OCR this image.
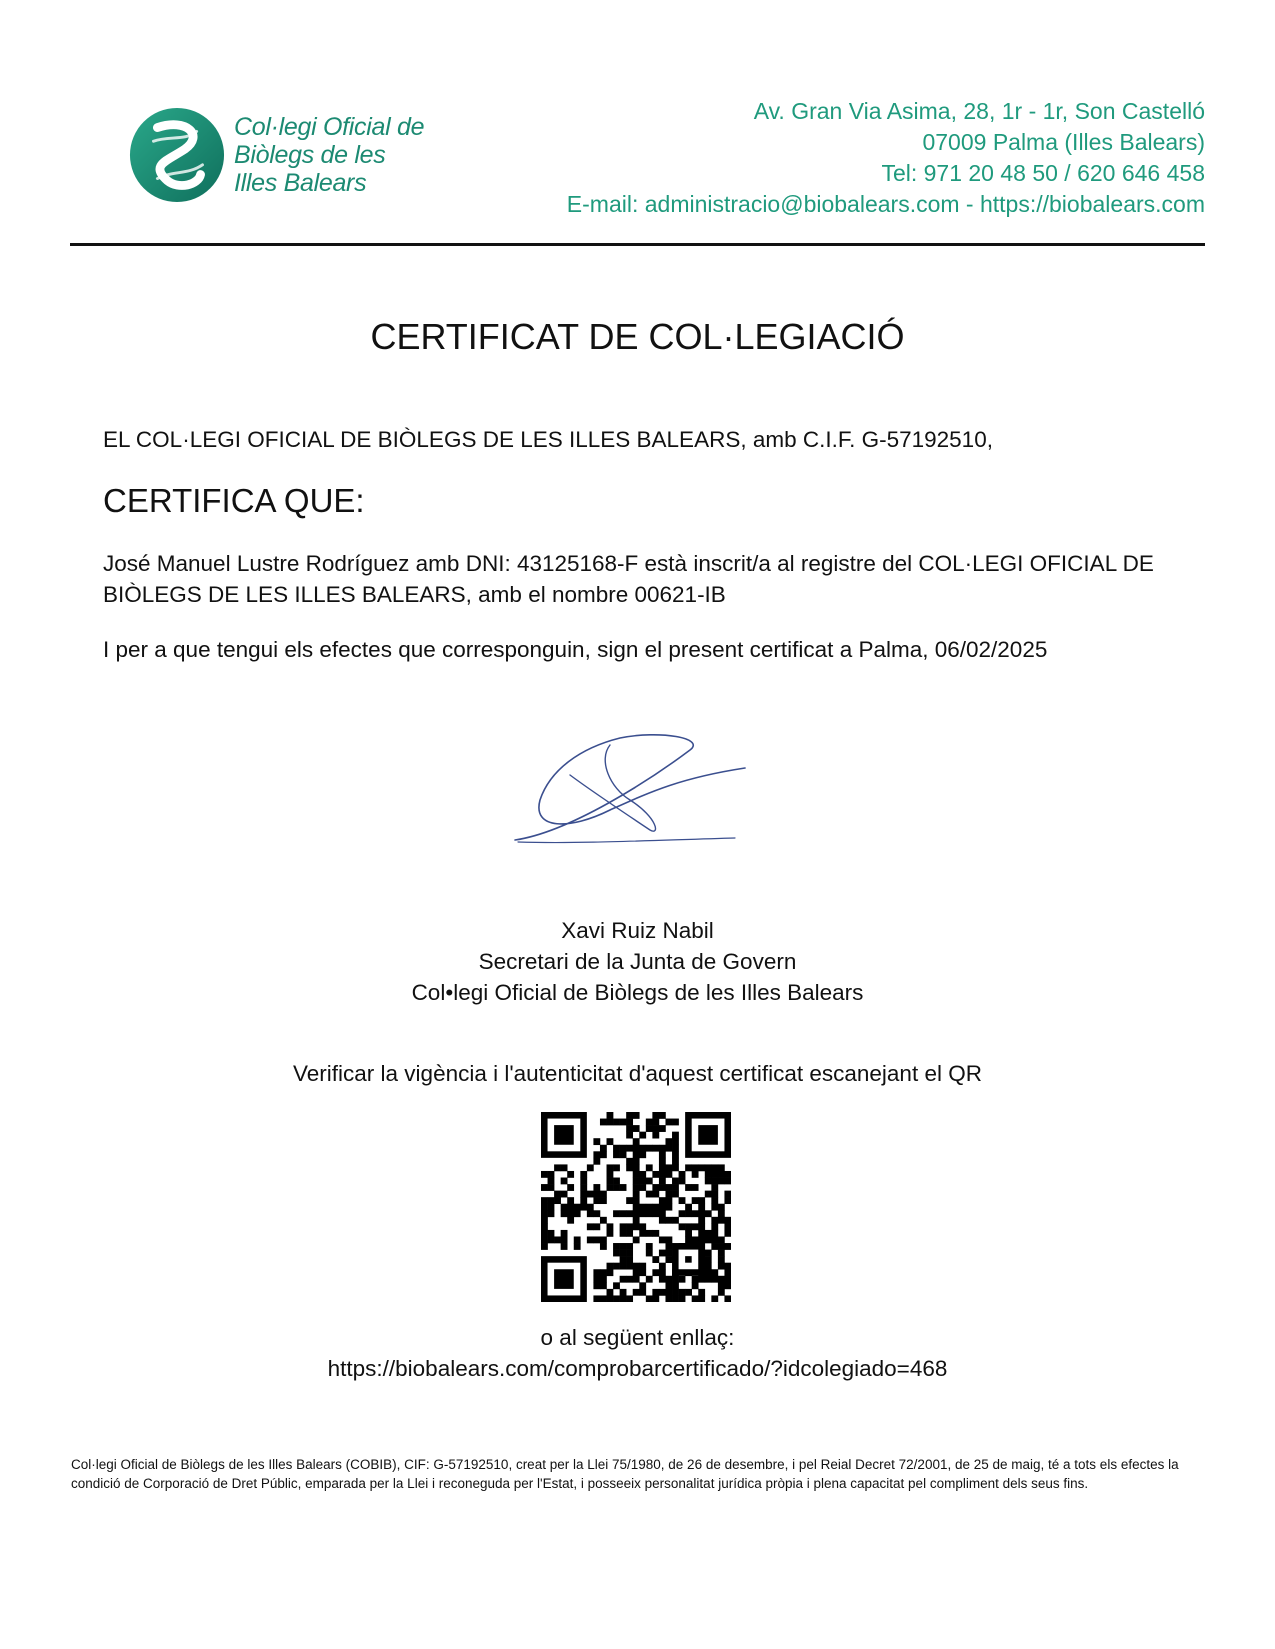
Col·legi Oficial de
Biòlegs de les
Illes Balears
Av. Gran Via Asima, 28, 1r - 1r, Son Castelló
07009 Palma (Illes Balears)
Tel: 971 20 48 50 / 620 646 458
E-mail: administracio@biobalears.com - https://biobalears.com
CERTIFICAT DE COL·LEGIACIÓ
EL COL·LEGI OFICIAL DE BIÒLEGS DE LES ILLES BALEARS, amb C.I.F. G-57192510,
CERTIFICA QUE:
José Manuel Lustre Rodríguez amb DNI: 43125168-F està inscrit/a al registre del COL·LEGI OFICIAL DE BIÒLEGS DE LES ILLES BALEARS, amb el nombre 00621-IB
I per a que tengui els efectes que corresponguin, sign el present certificat a Palma, 06/02/2025
Xavi Ruiz Nabil
Secretari de la Junta de Govern
Col•legi Oficial de Biòlegs de les Illes Balears
Verificar la vigència i l'autenticitat d'aquest certificat escanejant el QR
o al següent enllaç:
https://biobalears.com/comprobarcertificado/?idcolegiado=468
Col·legi Oficial de Biòlegs de les Illes Balears (COBIB), CIF: G-57192510, creat per la Llei 75/1980, de 26 de desembre, i pel Reial Decret 72/2001, de 25 de maig, té a tots els efectes la condició de Corporació de Dret Públic, emparada per la Llei i reconeguda per l'Estat, i posseeix personalitat jurídica pròpia i plena capacitat pel compliment dels seus fins.
